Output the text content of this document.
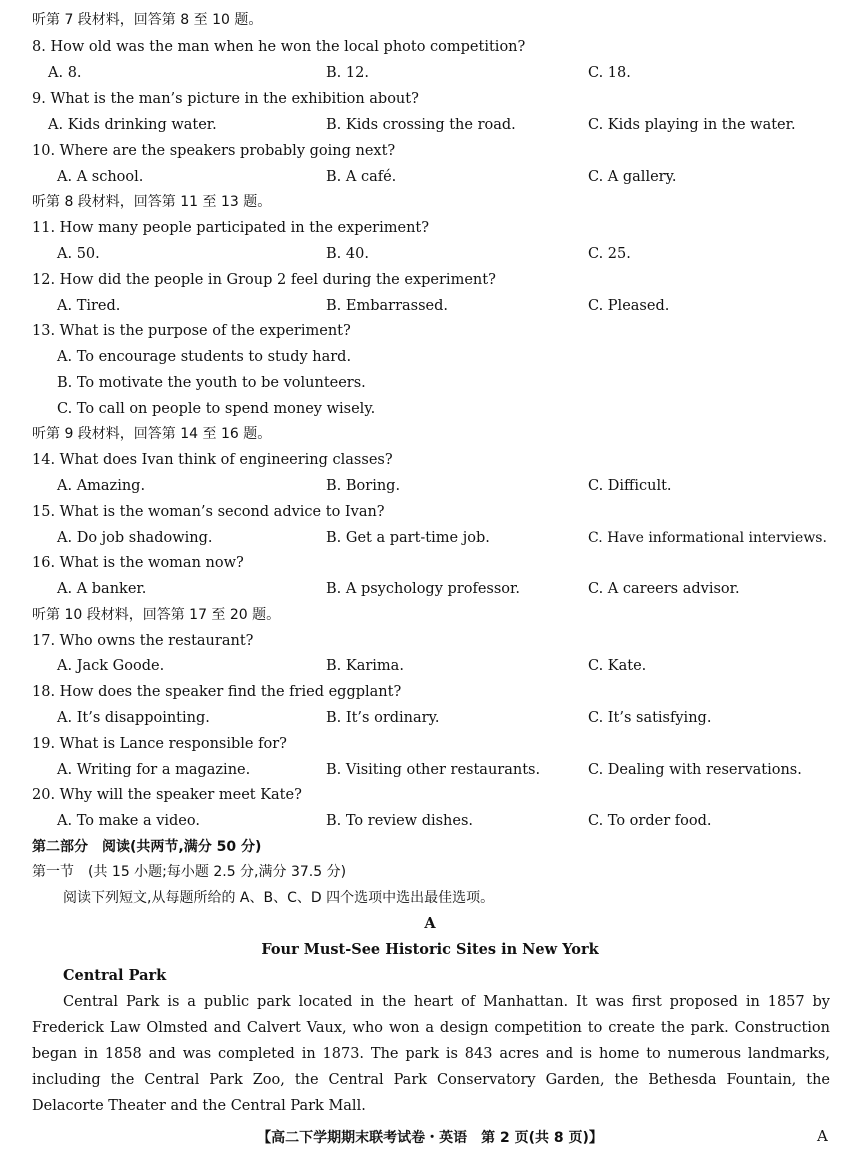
听第 7 段材料，回答第 8 至 10 题。
8. How old was the man when he won the local photo competition?
A. 8.	B. 12.	C. 18.
9. What is the man’s picture in the exhibition about?
A. Kids drinking water.	B. Kids crossing the road.	C. Kids playing in the water.
10. Where are the speakers probably going next?
A. A school.	B. A café.	C. A gallery.
听第 8 段材料，回答第 11 至 13 题。
11. How many people participated in the experiment?
A. 50.	B. 40.	C. 25.
12. How did the people in Group 2 feel during the experiment?
A. Tired.	B. Embarrassed.	C. Pleased.
13. What is the purpose of the experiment?
A. To encourage students to study hard.
B. To motivate the youth to be volunteers.
C. To call on people to spend money wisely.
听第 9 段材料，回答第 14 至 16 题。
14. What does Ivan think of engineering classes?
A. Amazing.	B. Boring.	C. Difficult.
15. What is the woman’s second advice to Ivan?
A. Do job shadowing.	B. Get a part-time job.	C. Have informational interviews.
16. What is the woman now?
A. A banker.	B. A psychology professor.	C. A careers advisor.
听第 10 段材料，回答第 17 至 20 题。
17. Who owns the restaurant?
A. Jack Goode.	B. Karima.	C. Kate.
18. How does the speaker find the fried eggplant?
A. It’s disappointing.	B. It’s ordinary.	C. It’s satisfying.
19. What is Lance responsible for?
A. Writing for a magazine.	B. Visiting other restaurants.	C. Dealing with reservations.
20. Why will the speaker meet Kate?
A. To make a video.	B. To review dishes.	C. To order food.
第二部分　阅读(共两节,满分 50 分)
第一节　(共 15 小题;每小题 2.5 分,满分 37.5 分)
阅读下列短文,从每题所给的 A、B、C、D 四个选项中选出最佳选项。
A
Four Must-See Historic Sites in New York
Central Park
Central Park is a public park located in the heart of Manhattan. It was first proposed in 1857 by Frederick Law Olmsted and Calvert Vaux, who won a design competition to create the park. Construction began in 1858 and was completed in 1873. The park is 843 acres and is home to numerous landmarks, including the Central Park Zoo, the Central Park Conservatory Garden, the Bethesda Fountain, the Delacorte Theater and the Central Park Mall.
【高二下学期期末联考试卷・英语　第 2 页(共 8 页)】	A
